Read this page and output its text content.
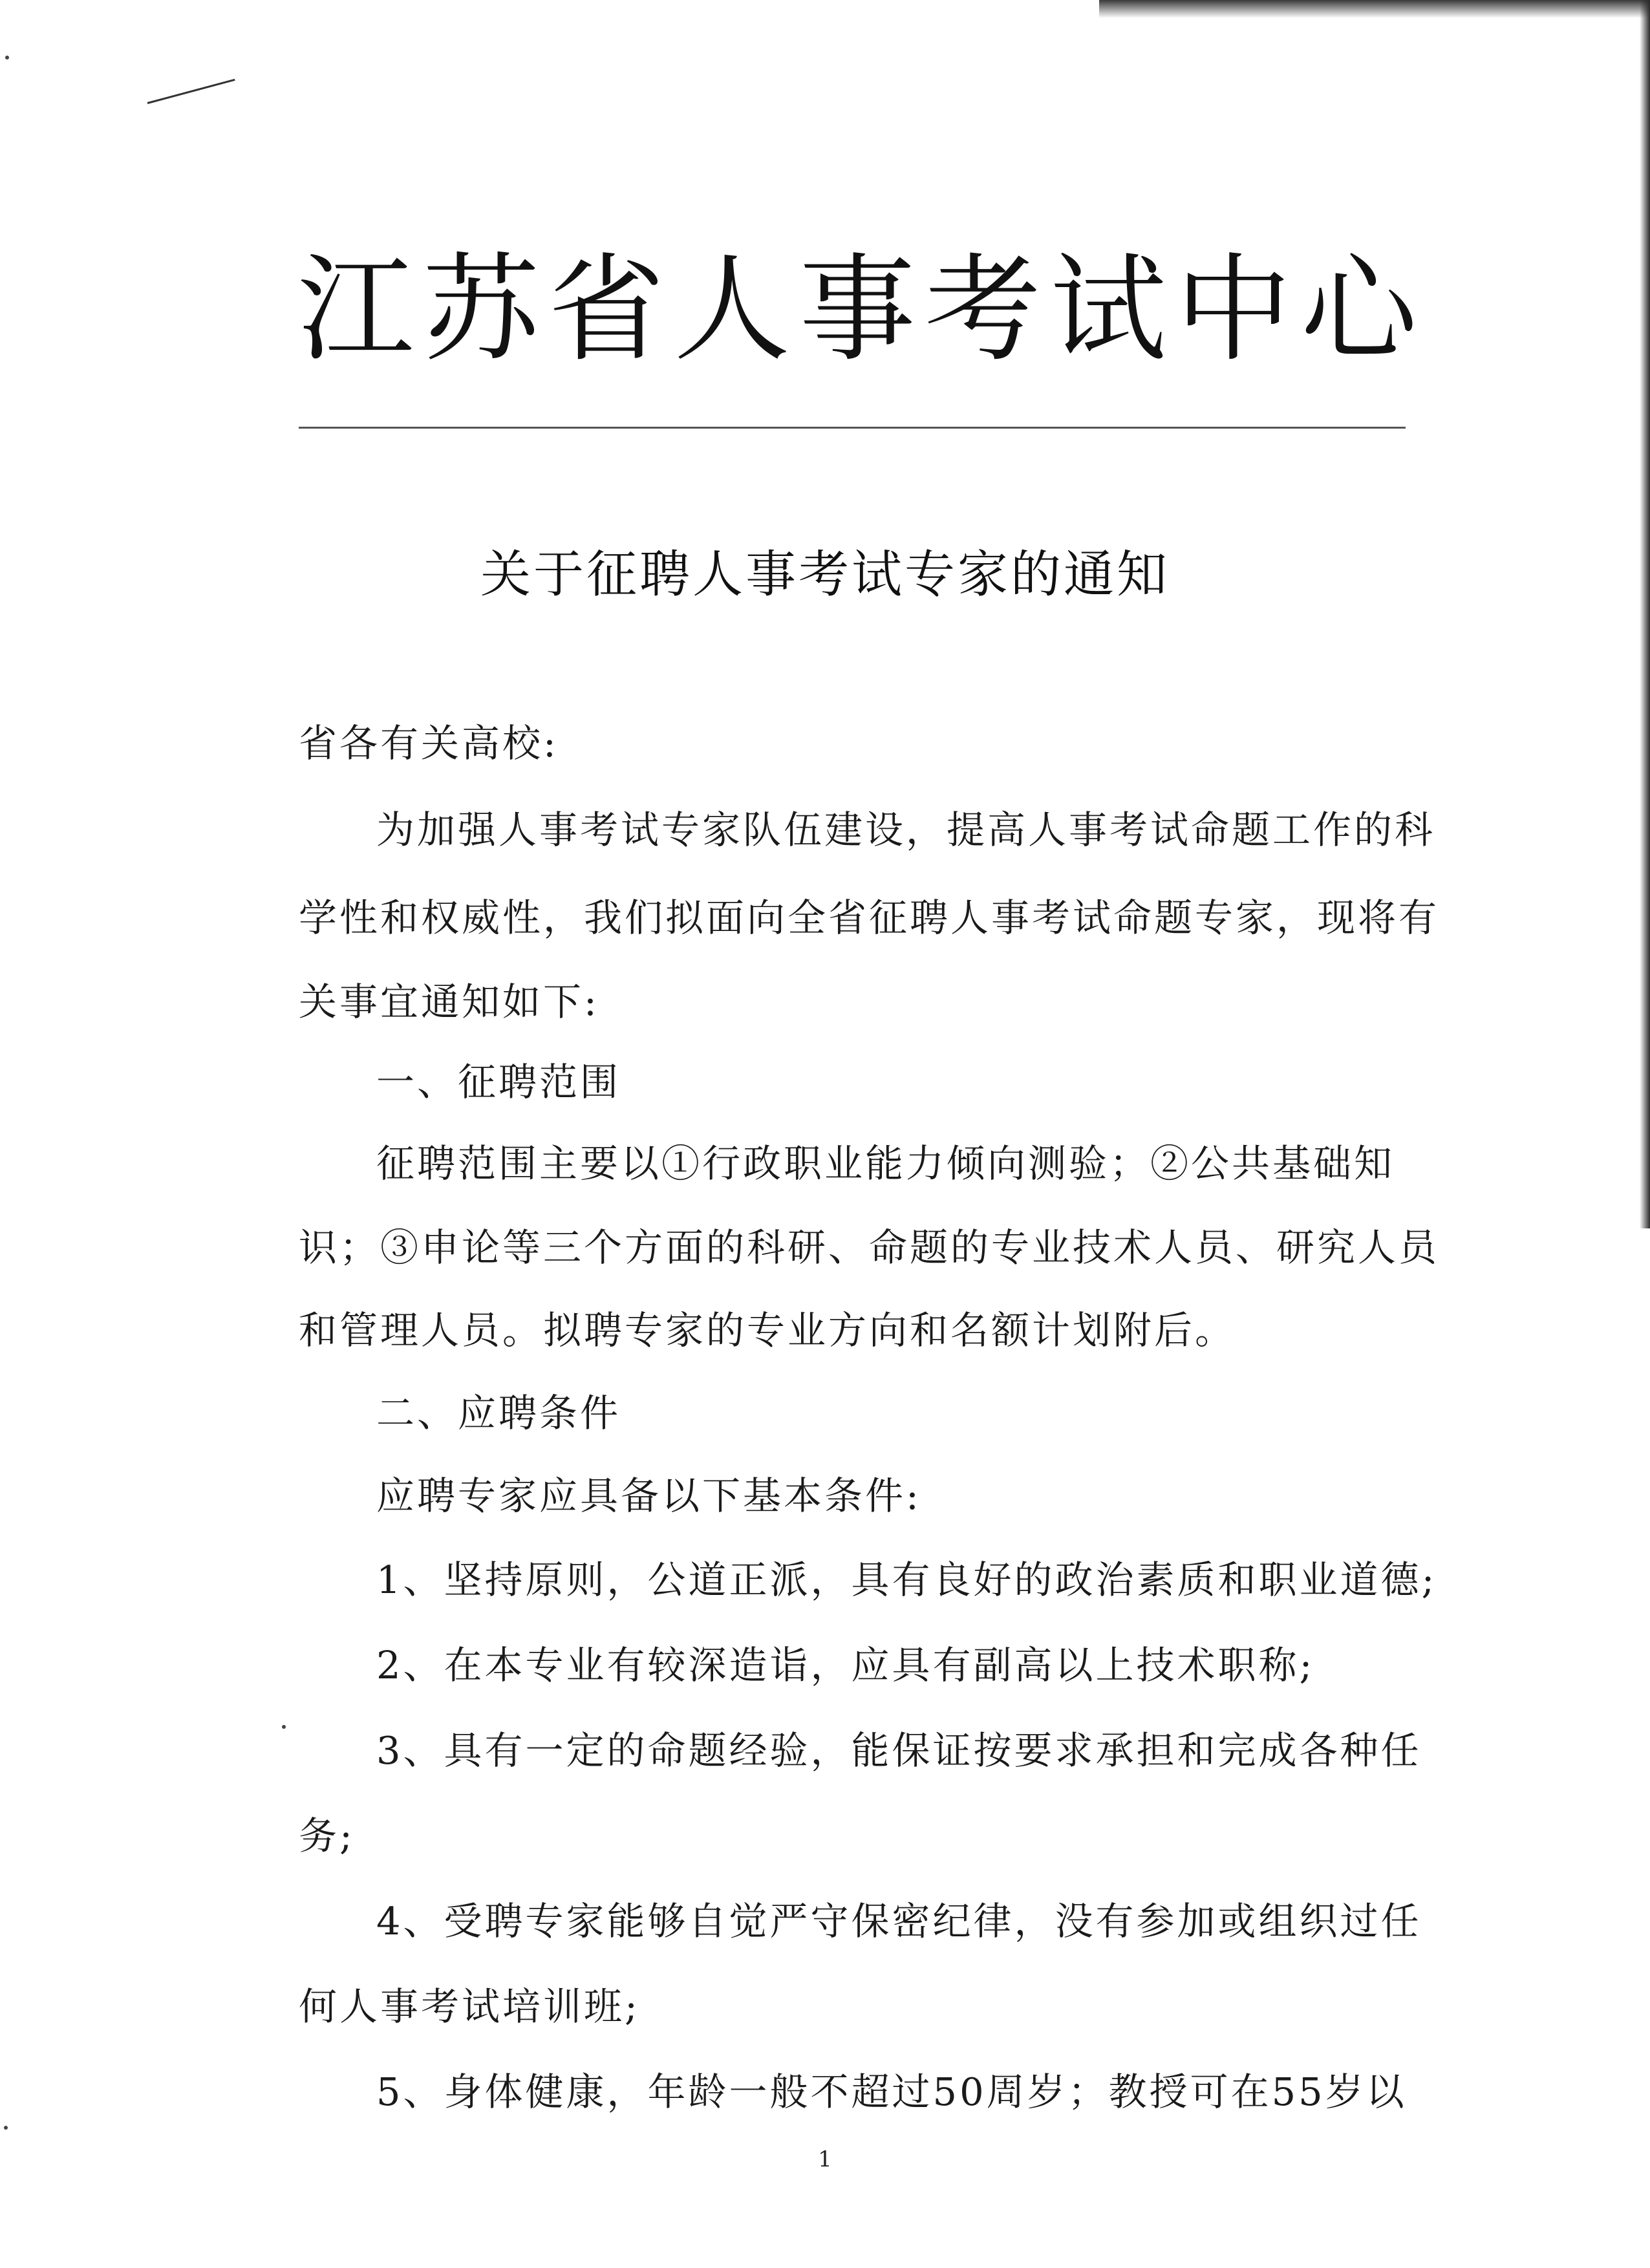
江苏省人事考试中心
关于征聘人事考试专家的通知
省各有关高校:
为加强人事考试专家队伍建设，提高人事考试命题工作的科
学性和权威性，我们拟面向全省征聘人事考试命题专家，现将有
关事宜通知如下:
一、征聘范围
征聘范围主要以①行政职业能力倾向测验；②公共基础知
识；③申论等三个方面的科研、命题的专业技术人员、研究人员
和管理人员。拟聘专家的专业方向和名额计划附后。
二、应聘条件
应聘专家应具备以下基本条件:
1、坚持原则，公道正派，具有良好的政治素质和职业道德;
2、在本专业有较深造诣，应具有副高以上技术职称;
3、具有一定的命题经验，能保证按要求承担和完成各种任
务;
4、受聘专家能够自觉严守保密纪律，没有参加或组织过任
何人事考试培训班;
5、身体健康，年龄一般不超过50周岁；教授可在55岁以
1
